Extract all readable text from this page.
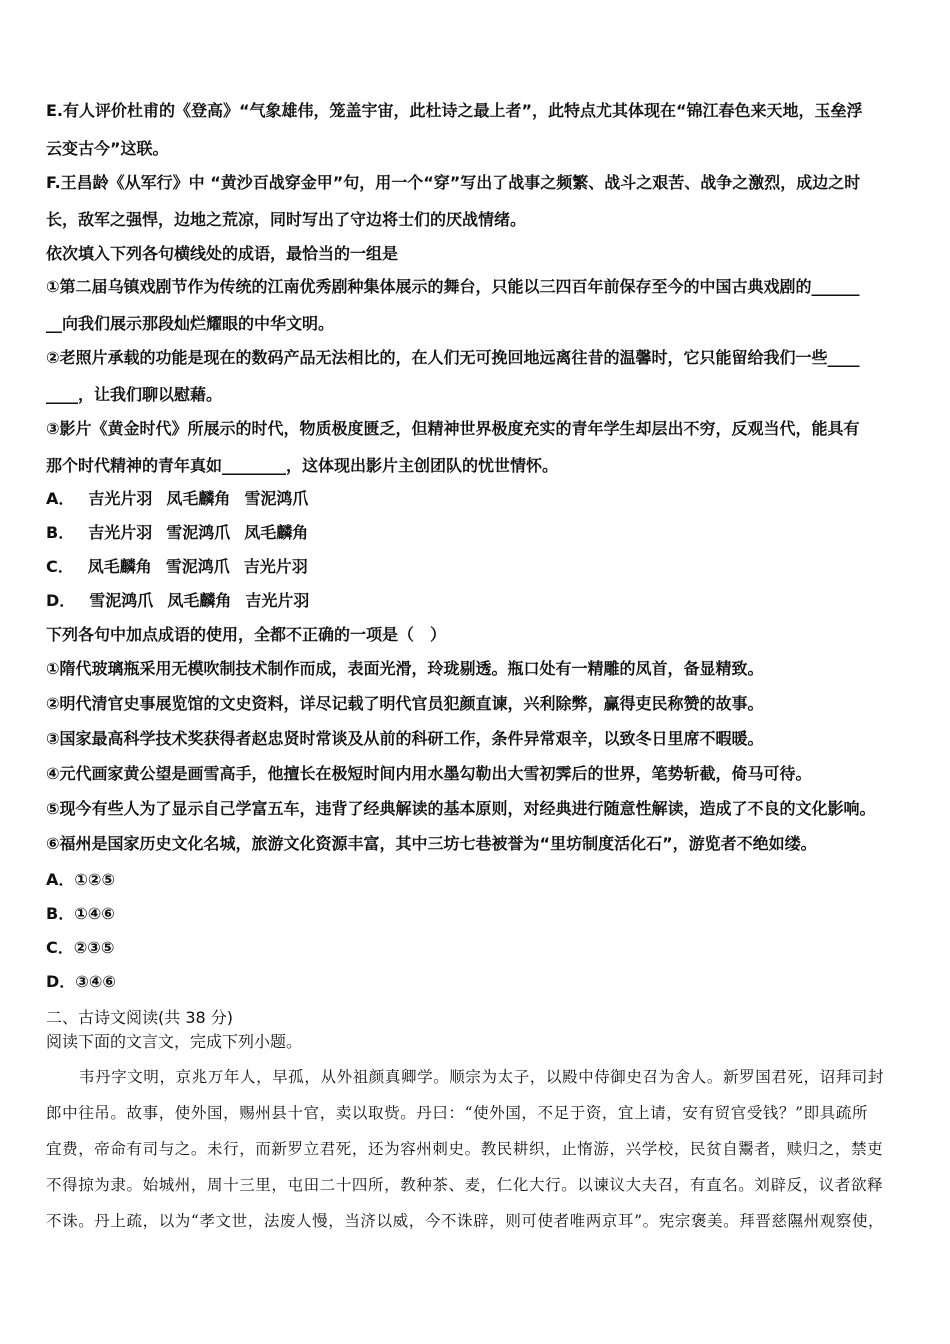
E.有人评价杜甫的《登高》“气象雄伟，笼盖宇宙，此杜诗之最上者”，此特点尤其体现在“锦江春色来天地，玉垒浮
云变古今”这联。
F.王昌龄《从军行》中 “黄沙百战穿金甲”句，用一个“穿”写出了战事之频繁、战斗之艰苦、战争之激烈，成边之时
长，敌军之强悍，边地之荒凉，同时写出了守边将士们的厌战情绪。
依次填入下列各句横线处的成语，最恰当的一组是
①第二届乌镇戏剧节作为传统的江南优秀剧种集体展示的舞台，只能以三四百年前保存至今的中国古典戏剧的______
__向我们展示那段灿烂耀眼的中华文明。
②老照片承载的功能是现在的数码产品无法相比的，在人们无可挽回地远离往昔的温馨时，它只能留给我们一些____
____，让我们聊以慰藉。
③影片《黄金时代》所展示的时代，物质极度匮乏，但精神世界极度充实的青年学生却层出不穷，反观当代，能具有
那个时代精神的青年真如________，这体现出影片主创团队的忧世情怀。
A． 吉光片羽 凤毛麟角 雪泥鸿爪
B． 吉光片羽 雪泥鸿爪 凤毛麟角
C． 凤毛麟角 雪泥鸿爪 吉光片羽
D． 雪泥鸿爪 凤毛麟角 吉光片羽
下列各句中加点成语的使用，全都不正确的一项是（　）
①隋代玻璃瓶采用无模吹制技术制作而成，表面光滑，玲珑剔透。瓶口处有一精雕的凤首，备显精致。
②明代清官史事展览馆的文史资料，详尽记载了明代官员犯颜直谏，兴利除弊，赢得吏民称赞的故事。
③国家最高科学技术奖获得者赵忠贤时常谈及从前的科研工作，条件异常艰辛，以致冬日里席不暇暖。
④元代画家黄公望是画雪高手，他擅长在极短时间内用水墨勾勒出大雪初霁后的世界，笔势斩截，倚马可待。
⑤现今有些人为了显示自己学富五车，违背了经典解读的基本原则，对经典进行随意性解读，造成了不良的文化影响。
⑥福州是国家历史文化名城，旅游文化资源丰富，其中三坊七巷被誉为“里坊制度活化石”，游览者不绝如缕。
A．①②⑤
B．①④⑥
C．②③⑤
D．③④⑥
二、古诗文阅读(共 38 分)
阅读下面的文言文，完成下列小题。
韦丹字文明，京兆万年人，早孤，从外祖颜真卿学。顺宗为太子，以殿中侍御史召为舍人。新罗国君死，诏拜司封
郎中往吊。故事，使外国，赐州县十官，卖以取赀。丹曰：“使外国，不足于资，宜上请，安有贸官受钱？”即具疏所
宜费，帝命有司与之。未行，而新罗立君死，还为容州刺史。教民耕织，止惰游，兴学校，民贫自鬻者，赎归之，禁吏
不得掠为隶。始城州，周十三里，屯田二十四所，教种茶、麦，仁化大行。以谏议大夫召，有直名。刘辟反，议者欲释
不诛。丹上疏，以为“孝文世，法废人慢，当济以威，今不诛辟，则可使者唯两京耳”。宪宗褒美。拜晋慈隰州观察使，
